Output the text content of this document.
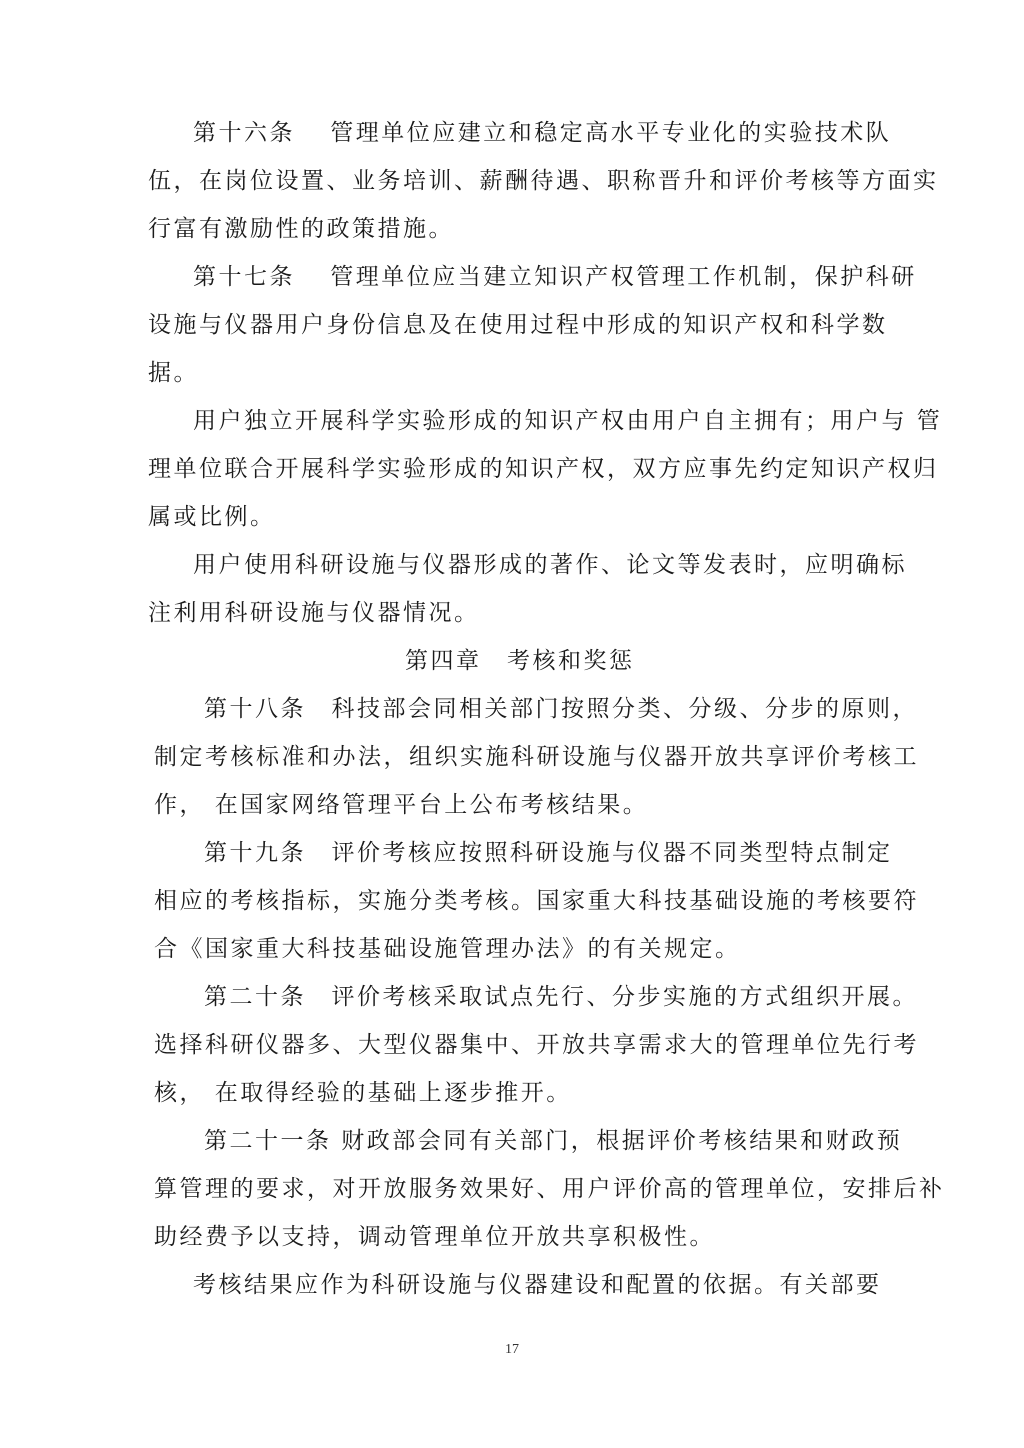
第十六条　 管理单位应建立和稳定高水平专业化的实验技术队
伍，在岗位设置、业务培训、薪酬待遇、职称晋升和评价考核等方面实
行富有激励性的政策措施。
第十七条　 管理单位应当建立知识产权管理工作机制，保护科研
设施与仪器用户身份信息及在使用过程中形成的知识产权和科学数
据。
用户独立开展科学实验形成的知识产权由用户自主拥有；用户与 管
理单位联合开展科学实验形成的知识产权，双方应事先约定知识产权归
属或比例。
用户使用科研设施与仪器形成的著作、论文等发表时，应明确标
注利用科研设施与仪器情况。
第四章　考核和奖惩
第十八条　科技部会同相关部门按照分类、分级、分步的原则，
制定考核标准和办法，组织实施科研设施与仪器开放共享评价考核工
作， 在国家网络管理平台上公布考核结果。
第十九条　评价考核应按照科研设施与仪器不同类型特点制定
相应的考核指标，实施分类考核。国家重大科技基础设施的考核要符
合《国家重大科技基础设施管理办法》的有关规定。
第二十条　评价考核采取试点先行、分步实施的方式组织开展。
选择科研仪器多、大型仪器集中、开放共享需求大的管理单位先行考
核， 在取得经验的基础上逐步推开。
第二十一条 财政部会同有关部门，根据评价考核结果和财政预
算管理的要求，对开放服务效果好、用户评价高的管理单位，安排后补
助经费予以支持，调动管理单位开放共享积极性。
考核结果应作为科研设施与仪器建设和配置的依据。有关部要
17
